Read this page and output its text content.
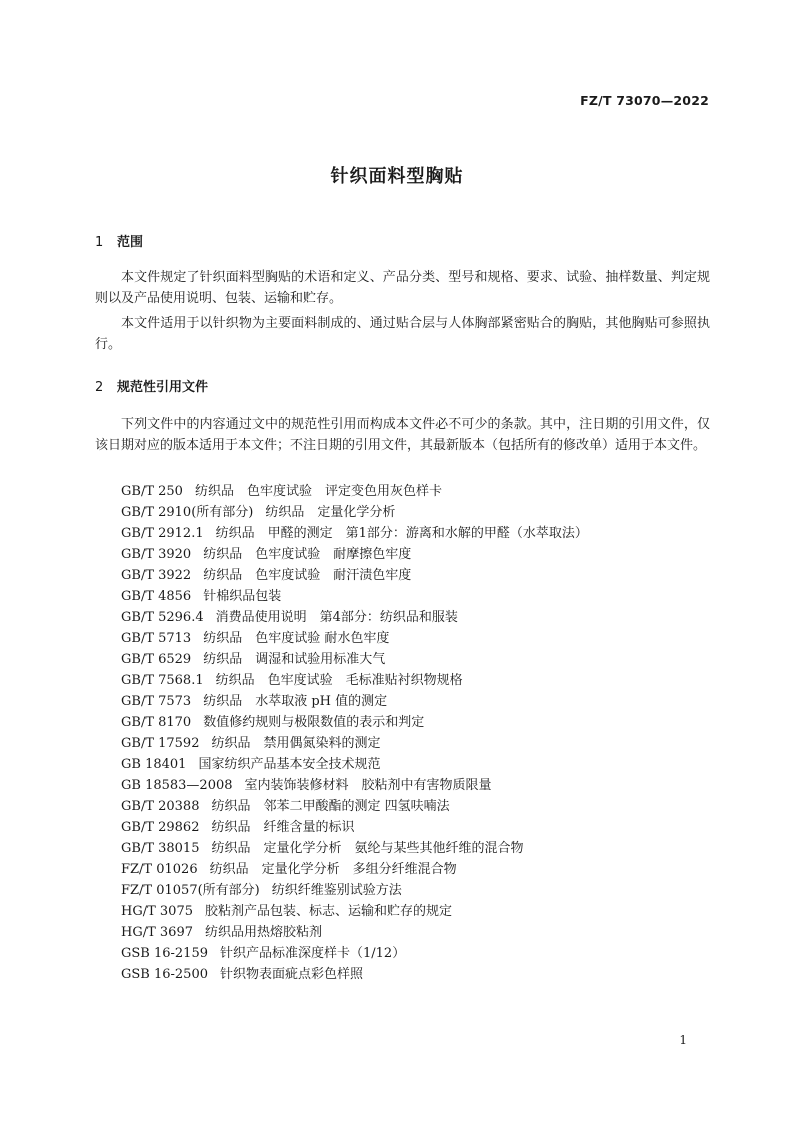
FZ/T 73070—2022
针织面料型胸贴
1 范围

本文件规定了针织面料型胸贴的术语和定义、产品分类、型号和规格、要求、试验、抽样数量、判定规则以及产品使用说明、包装、运输和贮存。

本文件适用于以针织物为主要面料制成的、通过贴合层与人体胸部紧密贴合的胸贴，其他胸贴可参照执行。

2 规范性引用文件

下列文件中的内容通过文中的规范性引用而构成本文件必不可少的条款。其中，注日期的引用文件，仅该日期对应的版本适用于本文件；不注日期的引用文件，其最新版本（包括所有的修改单）适用于本文件。

GB/T 250 纺织品　色牢度试验　评定变色用灰色样卡
GB/T 2910(所有部分) 纺织品　定量化学分析
GB/T 2912.1 纺织品　甲醛的测定　第1部分：游离和水解的甲醛（水萃取法）
GB/T 3920 纺织品　色牢度试验　耐摩擦色牢度
GB/T 3922 纺织品　色牢度试验　耐汗渍色牢度
GB/T 4856 针棉织品包装
GB/T 5296.4 消费品使用说明　第4部分：纺织品和服装
GB/T 5713 纺织品　色牢度试验 耐水色牢度
GB/T 6529 纺织品　调湿和试验用标准大气
GB/T 7568.1 纺织品　色牢度试验　毛标准贴衬织物规格
GB/T 7573 纺织品　水萃取液 pH 值的测定
GB/T 8170 数值修约规则与极限数值的表示和判定
GB/T 17592 纺织品　禁用偶氮染料的测定
GB 18401 国家纺织产品基本安全技术规范
GB 18583—2008 室内装饰装修材料　胶粘剂中有害物质限量
GB/T 20388 纺织品　邻苯二甲酸酯的测定 四氢呋喃法
GB/T 29862 纺织品　纤维含量的标识
GB/T 38015 纺织品　定量化学分析　氨纶与某些其他纤维的混合物
FZ/T 01026 纺织品　定量化学分析　多组分纤维混合物
FZ/T 01057(所有部分) 纺织纤维鉴别试验方法
HG/T 3075 胶粘剂产品包装、标志、运输和贮存的规定
HG/T 3697 纺织品用热熔胶粘剂
GSB 16-2159 针织产品标准深度样卡（1/12）
GSB 16-2500 针织物表面疵点彩色样照
1
